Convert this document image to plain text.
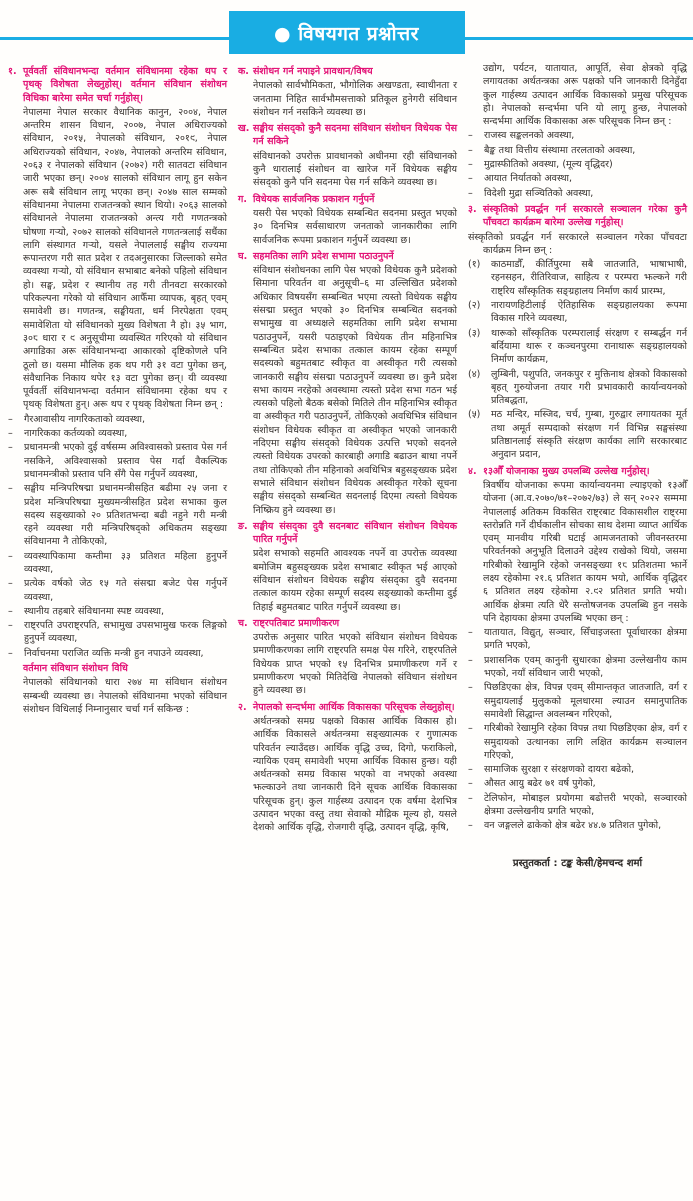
● विषयगत प्रश्नोत्तर
१. पूर्ववर्ती संविधानभन्दा वर्तमान संविधानमा रहेका थप र पृथक् विशेषता लेख्नुहोस्। वर्तमान संविधान संशोधन विधिका बारेमा समेत चर्चा गर्नुहोस्।
नेपालमा नेपाल सरकार वैधानिक कानुन, २००४, नेपाल अन्तरिम शासन विधान, २००७, नेपाल अधिराज्यको संविधान, २०१५, नेपालको संविधान, २०१९, नेपाल अधिराज्यको संविधान, २०४७, नेपालको अन्तरिम संविधान, २०६३ र नेपालको संविधान (२०७२) गरी सातवटा संविधान जारी भएका छन्। २००४ सालको संविधान लागू हुन सकेन अरू सबै संविधान लागू भएका छन्। २०४७ साल सम्मको संविधानमा नेपालमा राजतन्त्रको स्थान थियो। २०६३ सालको संविधानले नेपालमा राजतन्त्रको अन्त्य गरी गणतन्त्रको घोषणा गर्‍यो, २०७२ सालको संविधानले गणतन्त्रलाई सधैंका लागि संस्थागत गर्‍यो, यसले नेपाललाई सङ्घीय राज्यमा रूपान्तरण गरी सात प्रदेश र तदअनुसारका जिल्लाको समेत व्यवस्था गर्‍यो, यो संविधान सभाबाट बनेको पहिलो संविधान हो। सङ्घ, प्रदेश र स्थानीय तह गरी तीनवटा सरकारको परिकल्पना गरेको यो संविधान आफैँमा व्यापक, बृहत् एवम् समावेशी छ। गणतन्त्र, सङ्घीयता, धर्म निरपेक्षता एवम् समावेशिता यो संविधानको मुख्य विशेषता नै हो। ३५ भाग, ३०८ धारा र ९ अनुसूचीमा व्यवस्थित गरिएको यो संविधान अगाडिका अरू संविधानभन्दा आकारको दृष्टिकोणले पनि ठूलो छ। यसमा मौलिक हक थप गरी ३१ वटा पुगेका छन्, संवैधानिक निकाय थपेर १३ वटा पुगेका छन्। यी व्यवस्था पूर्ववर्ती संविधानभन्दा वर्तमान संविधानमा रहेका थप र पृथक् विशेषता हुन्। अरू थप र पृथक् विशेषता निम्न छन् :
– गैरआवासीय नागरिकताको व्यवस्था,
– नागरिकका कर्तव्यको व्यवस्था,
– प्रधानमन्त्री भएको दुई वर्षसम्म अविश्वासको प्रस्ताव पेस गर्न नसकिने, अविश्वासको प्रस्ताव पेस गर्दा वैकल्पिक प्रधानमन्त्रीको प्रस्ताव पनि सँगै पेस गर्नुपर्ने व्यवस्था,
– सङ्घीय मन्त्रिपरिषद्मा प्रधानमन्त्रीसहित बढीमा २५ जना र प्रदेश मन्त्रिपरिषद्मा मुख्यमन्त्रीसहित प्रदेश सभाका कुल सदस्य सङ्ख्याको २० प्रतिशतभन्दा बढी नहुने गरी मन्त्री रहने व्यवस्था गरी मन्त्रिपरिषद्को अधिकतम सङ्ख्या संविधानमा नै तोकिएको,
– व्यवस्थापिकामा कम्तीमा ३३ प्रतिशत महिला हुनुपर्ने व्यवस्था,
– प्रत्येक वर्षको जेठ १५ गते संसद्मा बजेट पेस गर्नुपर्ने व्यवस्था,
– स्थानीय तहबारे संविधानमा स्पष्ट व्यवस्था,
– राष्ट्रपति उपराष्ट्रपति, सभामुख उपसभामुख फरक लिङ्गको हुनुपर्ने व्यवस्था,
– निर्वाचनमा पराजित व्यक्ति मन्त्री हुन नपाउने व्यवस्था,
वर्तमान संविधान संशोधन विधि
नेपालको संविधानको धारा २७४ मा संविधान संशोधन सम्बन्धी व्यवस्था छ। नेपालको संविधानमा भएको संविधान संशोधन विधिलाई निम्नानुसार चर्चा गर्न सकिन्छ :
क. संशोधन गर्न नपाइने प्रावधान/विषय
नेपालको सार्वभौमिकता, भौगोलिक अखण्डता, स्वाधीनता र जनतामा निहित सार्वभौमसत्ताको प्रतिकूल हुनेगरी संविधान संशोधन गर्न नसकिने व्यवस्था छ।
ख. सङ्घीय संसद्को कुनै सदनमा संविधान संशोधन विधेयक पेस गर्न सकिने
संविधानको उपरोक्त प्रावधानको अधीनमा रही संविधानको कुनै धारालाई संशोधन वा खारेज गर्ने विधेयक सङ्घीय संसद्को कुनै पनि सदनमा पेस गर्न सकिने व्यवस्था छ।
ग. विधेयक सार्वजनिक प्रकाशन गर्नुपर्ने
यसरी पेस भएको विधेयक सम्बन्धित सदनमा प्रस्तुत भएको ३० दिनभित्र सर्वसाधारण जनताको जानकारीका लागि सार्वजनिक रूपमा प्रकाशन गर्नुपर्ने व्यवस्था छ।
घ. सहमतिका लागि प्रदेश सभामा पठाउनुपर्ने
संविधान संशोधनका लागि पेस भएको विधेयक कुनै प्रदेशको सिमाना परिवर्तन वा अनुसूची–६ मा उल्लिखित प्रदेशको अधिकार विषयसँग सम्बन्धित भएमा त्यस्तो विधेयक सङ्घीय संसद्मा प्रस्तुत भएको ३० दिनभित्र सम्बन्धित सदनको सभामुख वा अध्यक्षले सहमतिका लागि प्रदेश सभामा पठाउनुपर्ने, यसरी पठाइएको विधेयक तीन महिनाभित्र सम्बन्धित प्रदेश सभाका तत्काल कायम रहेका सम्पूर्ण सदस्यको बहुमतबाट स्वीकृत वा अस्वीकृत गरी त्यसको जानकारी सङ्घीय संसद्मा पठाउनुपर्ने व्यवस्था छ। कुनै प्रदेश सभा कायम नरहेको अवस्थामा त्यस्तो प्रदेश सभा गठन भई त्यसको पहिलो बैठक बसेको मितिले तीन महिनाभित्र स्वीकृत वा अस्वीकृत गरी पठाउनुपर्ने, तोकिएको अवधिभित्र संविधान संशोधन विधेयक स्वीकृत वा अस्वीकृत भएको जानकारी नदिएमा सङ्घीय संसद्को विधेयक उत्पत्ति भएको सदनले त्यस्तो विधेयक उपरको कारबाही अगाडि बढाउन बाधा नपर्ने तथा तोकिएको तीन महिनाको अवधिभित्र बहुसङ्ख्यक प्रदेश सभाले संविधान संशोधन विधेयक अस्वीकृत गरेको सूचना सङ्घीय संसद्को सम्बन्धित सदनलाई दिएमा त्यस्तो विधेयक निष्क्रिय हुने व्यवस्था छ।
ङ. सङ्घीय संसद्का दुवै सदनबाट संविधान संशोधन विधेयक पारित गर्नुपर्ने
प्रदेश सभाको सहमति आवश्यक नपर्ने वा उपरोक्त व्यवस्था बमोजिम बहुसङ्ख्यक प्रदेश सभाबाट स्वीकृत भई आएको संविधान संशोधन विधेयक सङ्घीय संसद्का दुवै सदनमा तत्काल कायम रहेका सम्पूर्ण सदस्य सङ्ख्याको कम्तीमा दुई तिहाई बहुमतबाट पारित गर्नुपर्ने व्यवस्था छ।
च. राष्ट्रपतिबाट प्रमाणीकरण
उपरोक्त अनुसार पारित भएको संविधान संशोधन विधेयक प्रमाणीकरणका लागि राष्ट्रपति समक्ष पेस गरिने, राष्ट्रपतिले विधेयक प्राप्त भएको १५ दिनभित्र प्रमाणीकरण गर्ने र प्रमाणीकरण भएको मितिदेखि नेपालको संविधान संशोधन हुने व्यवस्था छ।
२. नेपालको सन्दर्भमा आर्थिक विकासका परिसूचक लेख्नुहोस्।
अर्थतन्त्रको समग्र पक्षको विकास आर्थिक विकास हो। आर्थिक विकासले अर्थतन्त्रमा सङ्ख्यात्मक र गुणात्मक परिवर्तन ल्याउँदछ। आर्थिक वृद्धि उच्च, दिगो, फराकिलो, न्यायिक एवम् समावेशी भएमा आर्थिक विकास हुन्छ। यही अर्थतन्त्रको समग्र विकास भएको वा नभएको अवस्था झल्काउने तथा जानकारी दिने सूचक आर्थिक विकासका परिसूचक हुन्। कुल गार्हस्थ्य उत्पादन एक वर्षमा देशभित्र उत्पादन भएका वस्तु तथा सेवाको मौद्रिक मूल्य हो, यसले देशको आर्थिक वृद्धि, रोजगारी वृद्धि, उत्पादन वृद्धि, कृषि,
उद्योग, पर्यटन, यातायात, आपूर्ति, सेवा क्षेत्रको वृद्धि लगायतका अर्थतन्त्रका अरू पक्षको पनि जानकारी दिनेहुँदा कुल गार्हस्थ्य उत्पादन आर्थिक विकासको प्रमुख परिसूचक हो। नेपालको सन्दर्भमा पनि यो लागू हुन्छ, नेपालको सन्दर्भमा आर्थिक विकासका अरू परिसूचक निम्न छन् :
– राजस्व सङ्कलनको अवस्था,
– बैङ्क तथा वित्तीय संस्थामा तरलताको अवस्था,
– मुद्रास्फीतिको अवस्था, (मूल्य वृद्धिदर)
– आयात निर्यातको अवस्था,
– विदेशी मुद्रा सञ्चितिको अवस्था,
३. संस्कृतिको प्रवर्द्धन गर्न सरकारले सञ्चालन गरेका कुनै पाँचवटा कार्यक्रम बारेमा उल्लेख गर्नुहोस्।
संस्कृतिको प्रवर्द्धन गर्न सरकारले सञ्चालन गरेका पाँचवटा कार्यक्रम निम्न छन् :
(१) काठमाडौँ, कीर्तिपुरमा सबै जातजाति, भाषाभाषी, रहनसहन, रीतिरिवाज, साहित्य र परम्परा झल्कने गरी राष्ट्रिय साँस्कृतिक सङ्ग्रहालय निर्माण कार्य प्रारम्भ,
(२) नारायणहिटीलाई ऐतिहासिक सङ्ग्रहालयका रूपमा विकास गरिने व्यवस्था,
(३) थारूको साँस्कृतिक परम्परालाई संरक्षण र सम्बर्द्धन गर्न बर्दियामा थारू र कञ्चनपुरमा रानाथारू सङ्ग्रहालयको निर्माण कार्यक्रम,
(४) लुम्बिनी, पशुपति, जनकपुर र मुक्तिनाथ क्षेत्रको विकासको बृहत् गुरुयोजना तयार गरी प्रभावकारी कार्यान्वयनको प्रतिबद्धता,
(५) मठ मन्दिर, मस्जिद, चर्च, गुम्बा, गुरुद्वार लगायतका मूर्त तथा अमूर्त सम्पदाको संरक्षण गर्न विभिन्न सङ्घसंस्था प्रतिष्ठानलाई संस्कृति संरक्षण कार्यका लागि सरकारबाट अनुदान प्रदान,
४. १३औँ योजनाका मुख्य उपलब्धि उल्लेख गर्नुहोस्।
त्रिवर्षीय योजनाका रूपमा कार्यान्वयनमा ल्याइएको १३औँ योजना (आ.व.२०७०/७१–२०७२/७३) ले सन् २०२२ सम्ममा नेपाललाई अतिकम विकसित राष्ट्रबाट विकासशील राष्ट्रमा स्तरोन्नति गर्ने दीर्घकालीन सोचका साथ देशमा व्याप्त आर्थिक एवम् मानवीय गरिबी घटाई आमजनताको जीवनस्तरमा परिवर्तनको अनुभूति दिलाउने उद्देश्य राखेको थियो, जसमा गरिबीको रेखामुनि रहेको जनसङ्ख्या १८ प्रतिशतमा झार्ने लक्ष्य रहेकोमा २१.६ प्रतिशत कायम भयो, आर्थिक वृद्धिदर ६ प्रतिशत लक्ष्य रहेकोमा २.९२ प्रतिशत प्रगति भयो। आर्थिक क्षेत्रमा त्यति धेरै सन्तोषजनक उपलब्धि हुन नसके पनि देहायका क्षेत्रमा उपलब्धि भएका छन् :
– यातायात, विद्युत्, सञ्चार, सिँचाइजस्ता पूर्वाधारका क्षेत्रमा प्रगति भएको,
– प्रशासनिक एवम् कानुनी सुधारका क्षेत्रमा उल्लेखनीय काम भएको, नयाँ संविधान जारी भएको,
– पिछडिएका क्षेत्र, विपन्न एवम् सीमान्तकृत जातजाति, वर्ग र समुदायलाई मुलुकको मूलधारमा ल्याउन समानुपातिक समावेशी सिद्धान्त अवलम्बन गरिएको,
– गरिबीको रेखामुनि रहेका विपन्न तथा पिछडिएका क्षेत्र, वर्ग र समुदायको उत्थानका लागि लक्षित कार्यक्रम सञ्चालन गरिएको,
– सामाजिक सुरक्षा र संरक्षणको दायरा बढेको,
– औसत आयु बढेर ७१ वर्ष पुगेको,
– टेलिफोन, मोबाइल प्रयोगमा बढोत्तरी भएको, सञ्चारको क्षेत्रमा उल्लेखनीय प्रगति भएको,
– वन जङ्गलले ढाकेको क्षेत्र बढेर ४४.७ प्रतिशत पुगेको,
प्रस्तुतकर्ता : टङ्क केसी/हेमचन्द शर्मा
